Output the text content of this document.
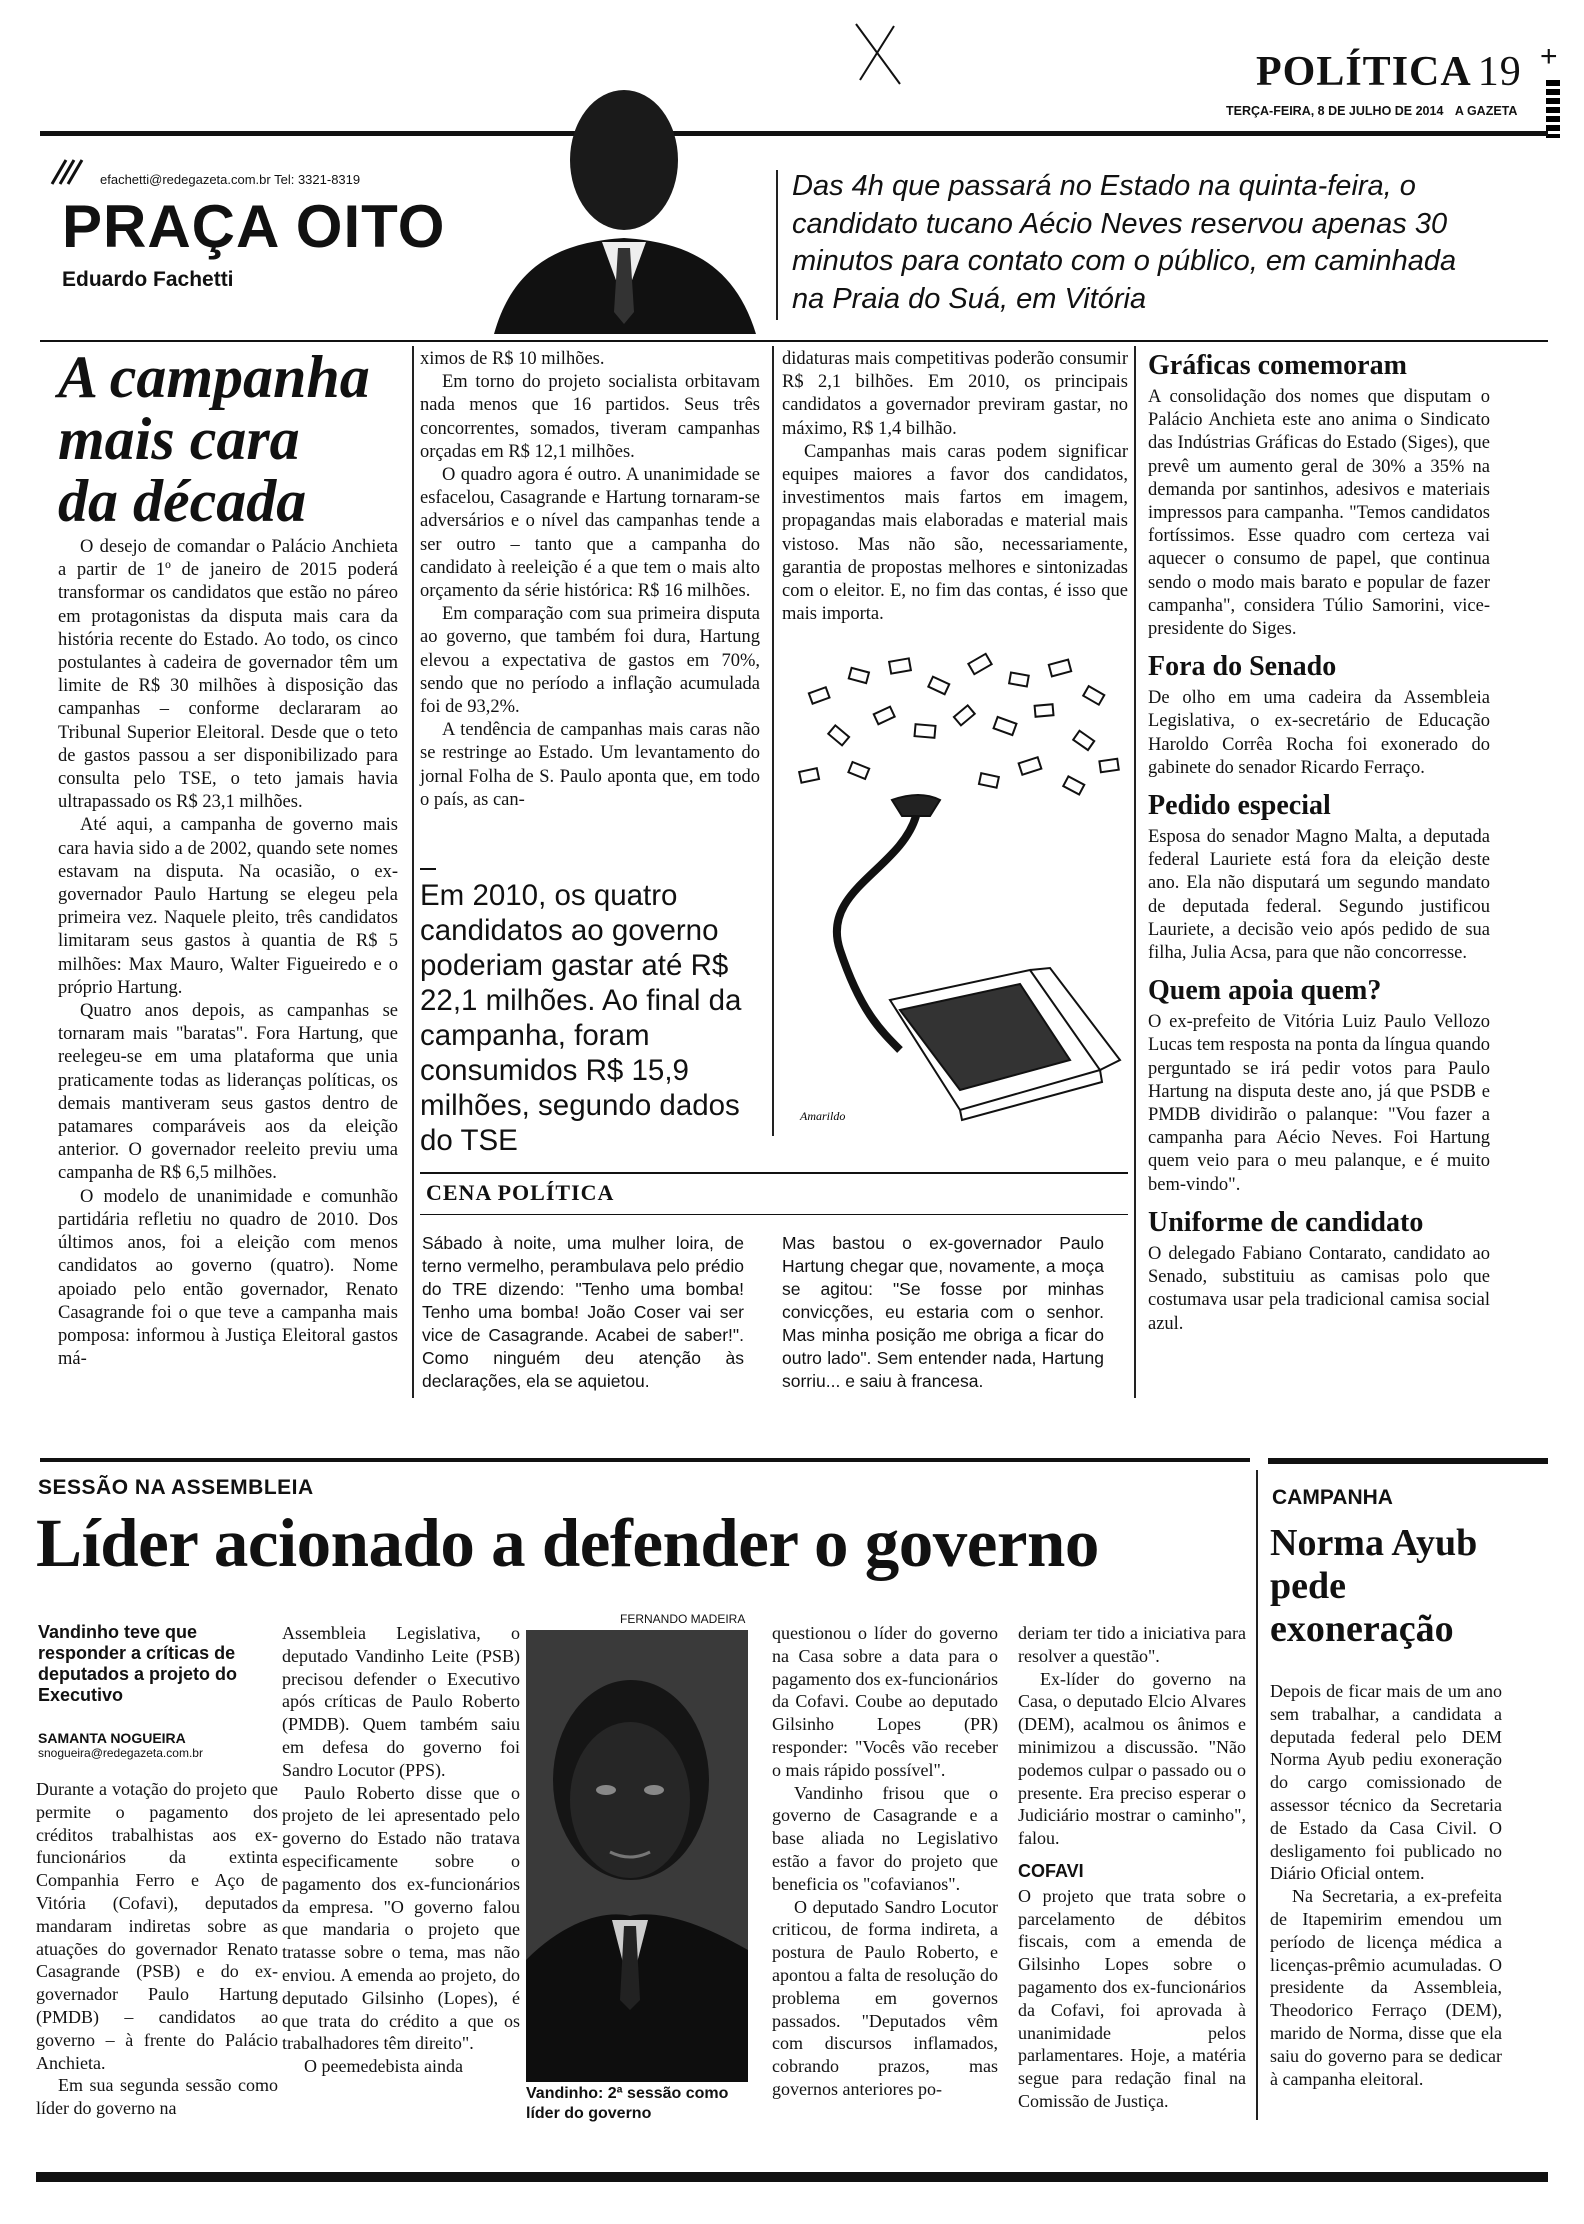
POLÍTICA 19
TERÇA-FEIRA, 8 DE JULHO DE 2014 A GAZETA
+
efachetti@redegazeta.com.br Tel: 3321-8319
PRAÇA OITO
Eduardo Fachetti
Das 4h que passará no Estado na quinta-feira, o candidato tucano Aécio Neves reservou apenas 30 minutos para contato com o público, em caminhada na Praia do Suá, em Vitória
A campanha
mais cara
da década

O desejo de comandar o Palácio Anchieta a partir de 1º de janeiro de 2015 poderá transformar os candidatos que estão no páreo em protagonistas da disputa mais cara da história recente do Estado. Ao todo, os cinco postulantes à cadeira de governador têm um limite de R$ 30 milhões à disposição das campanhas – conforme declararam ao Tribunal Superior Eleitoral. Desde que o teto de gastos passou a ser disponibilizado para consulta pelo TSE, o teto jamais havia ultrapassado os R$ 23,1 milhões.

Até aqui, a campanha de governo mais cara havia sido a de 2002, quando sete nomes estavam na disputa. Na ocasião, o ex-governador Paulo Hartung se elegeu pela primeira vez. Naquele pleito, três candidatos limitaram seus gastos à quantia de R$ 5 milhões: Max Mauro, Walter Figueiredo e o próprio Hartung.

Quatro anos depois, as campanhas se tornaram mais "baratas". Fora Hartung, que reelegeu-se em uma plataforma que unia praticamente todas as lideranças políticas, os demais mantiveram seus gastos dentro de patamares comparáveis aos da eleição anterior. O governador reeleito previu uma campanha de R$ 6,5 milhões.

O modelo de unanimidade e comunhão partidária refletiu no quadro de 2010. Dos últimos anos, foi a eleição com menos candidatos ao governo (quatro). Nome apoiado pelo então governador, Renato Casagrande foi o que teve a campanha mais pomposa: informou à Justiça Eleitoral gastos má-

ximos de R$ 10 milhões.

Em torno do projeto socialista orbitavam nada menos que 16 partidos. Seus três concorrentes, somados, tiveram campanhas orçadas em R$ 12,1 milhões.

O quadro agora é outro. A unanimidade se esfacelou, Casagrande e Hartung tornaram-se adversários e o nível das campanhas tende a ser outro – tanto que a campanha do candidato à reeleição é a que tem o mais alto orçamento da série histórica: R$ 16 milhões.

Em comparação com sua primeira disputa ao governo, que também foi dura, Hartung elevou a expectativa de gastos em 70%, sendo que no período a inflação acumulada foi de 93,2%.

A tendência de campanhas mais caras não se restringe ao Estado. Um levantamento do jornal Folha de S. Paulo aponta que, em todo o país, as can-

Em 2010, os quatro candidatos ao governo poderiam gastar até R$ 22,1 milhões. Ao final da campanha, foram consumidos R$ 15,9 milhões, segundo dados do TSE

didaturas mais competitivas poderão consumir R$ 2,1 bilhões. Em 2010, os principais candidatos a governador previram gastar, no máximo, R$ 1,4 bilhão.

Campanhas mais caras podem significar equipes maiores a favor dos candidatos, investimentos mais fartos em imagem, propagandas mais elaboradas e material mais vistoso. Mas não são, necessariamente, garantia de propostas melhores e sintonizadas com o eleitor. E, no fim das contas, é isso que mais importa.

Amarildo
CENA POLÍTICA
Sábado à noite, uma mulher loira, de terno vermelho, perambulava pelo prédio do TRE dizendo: "Tenho uma bomba! Tenho uma bomba! João Coser vai ser vice de Casagrande. Acabei de saber!". Como ninguém deu atenção às declarações, ela se aquietou.
Mas bastou o ex-governador Paulo Hartung chegar que, novamente, a moça se agitou: "Se fosse por minhas convicções, eu estaria com o senhor. Mas minha posição me obriga a ficar do outro lado". Sem entender nada, Hartung sorriu... e saiu à francesa.
Gráficas comemoram

A consolidação dos nomes que disputam o Palácio Anchieta este ano anima o Sindicato das Indústrias Gráficas do Estado (Siges), que prevê um aumento geral de 30% a 35% na demanda por santinhos, adesivos e materiais impressos para campanha. "Temos candidatos fortíssimos. Esse quadro com certeza vai aquecer o consumo de papel, que continua sendo o modo mais barato e popular de fazer campanha", considera Túlio Samorini, vice-presidente do Siges.

Fora do Senado

De olho em uma cadeira da Assembleia Legislativa, o ex-secretário de Educação Haroldo Corrêa Rocha foi exonerado do gabinete do senador Ricardo Ferraço.

Pedido especial

Esposa do senador Magno Malta, a deputada federal Lauriete está fora da eleição deste ano. Ela não disputará um segundo mandato de deputada federal. Segundo justificou Lauriete, a decisão veio após pedido de sua filha, Julia Acsa, para que não concorresse.

Quem apoia quem?

O ex-prefeito de Vitória Luiz Paulo Vellozo Lucas tem resposta na ponta da língua quando perguntado se irá pedir votos para Paulo Hartung na disputa deste ano, já que PSDB e PMDB dividirão o palanque: "Vou fazer a campanha para Aécio Neves. Foi Hartung quem veio para o meu palanque, e é muito bem-vindo".

Uniforme de candidato

O delegado Fabiano Contarato, candidato ao Senado, substituiu as camisas polo que costumava usar pela tradicional camisa social azul.

SESSÃO NA ASSEMBLEIA
Líder acionado a defender o governo
Vandinho teve que responder a críticas de deputados a projeto do Executivo
SAMANTA NOGUEIRA
snogueira@redegazeta.com.br

Durante a votação do projeto que permite o pagamento dos créditos trabalhistas aos ex-funcionários da extinta Companhia Ferro e Aço de Vitória (Cofavi), deputados mandaram indiretas sobre as atuações do governador Renato Casagrande (PSB) e do ex-governador Paulo Hartung (PMDB) – candidatos ao governo – à frente do Palácio Anchieta.

Em sua segunda sessão como líder do governo na

Assembleia Legislativa, o deputado Vandinho Leite (PSB) precisou defender o Executivo após críticas de Paulo Roberto (PMDB). Quem também saiu em defesa do governo foi Sandro Locutor (PPS).

Paulo Roberto disse que o projeto de lei apresentado pelo governo do Estado não tratava especificamente sobre o pagamento dos ex-funcionários da empresa. "O governo falou que mandaria o projeto que tratasse sobre o tema, mas não enviou. A emenda ao projeto, do deputado Gilsinho (Lopes), é que trata do crédito a que os trabalhadores têm direito".

O peemedebista ainda

FERNANDO MADEIRA
Vandinho: 2ª sessão como líder do governo

questionou o líder do governo na Casa sobre a data para o pagamento dos ex-funcionários da Cofavi. Coube ao deputado Gilsinho Lopes (PR) responder: "Vocês vão receber o mais rápido possível".

Vandinho frisou que o governo de Casagrande e a base aliada no Legislativo estão a favor do projeto que beneficia os "cofavianos".

O deputado Sandro Locutor criticou, de forma indireta, a postura de Paulo Roberto, e apontou a falta de resolução do problema em governos passados. "Deputados vêm com discursos inflamados, cobrando prazos, mas governos anteriores po-

deriam ter tido a iniciativa para resolver a questão".

Ex-líder do governo na Casa, o deputado Elcio Alvares (DEM), acalmou os ânimos e minimizou a discussão. "Não podemos culpar o passado ou o presente. Era preciso esperar o Judiciário mostrar o caminho", falou.

COFAVI

O projeto que trata sobre o parcelamento de débitos fiscais, com a emenda de Gilsinho Lopes sobre o pagamento dos ex-funcionários da Cofavi, foi aprovada à unanimidade pelos parlamentares. Hoje, a matéria segue para redação final na Comissão de Justiça.

CAMPANHA
Norma Ayub pede exoneração

Depois de ficar mais de um ano sem trabalhar, a candidata a deputada federal pelo DEM Norma Ayub pediu exoneração do cargo comissionado de assessor técnico da Secretaria de Estado da Casa Civil. O desligamento foi publicado no Diário Oficial ontem.

Na Secretaria, a ex-prefeita de Itapemirim emendou um período de licença médica a licenças-prêmio acumuladas. O presidente da Assembleia, Theodorico Ferraço (DEM), marido de Norma, disse que ela saiu do governo para se dedicar à campanha eleitoral.
